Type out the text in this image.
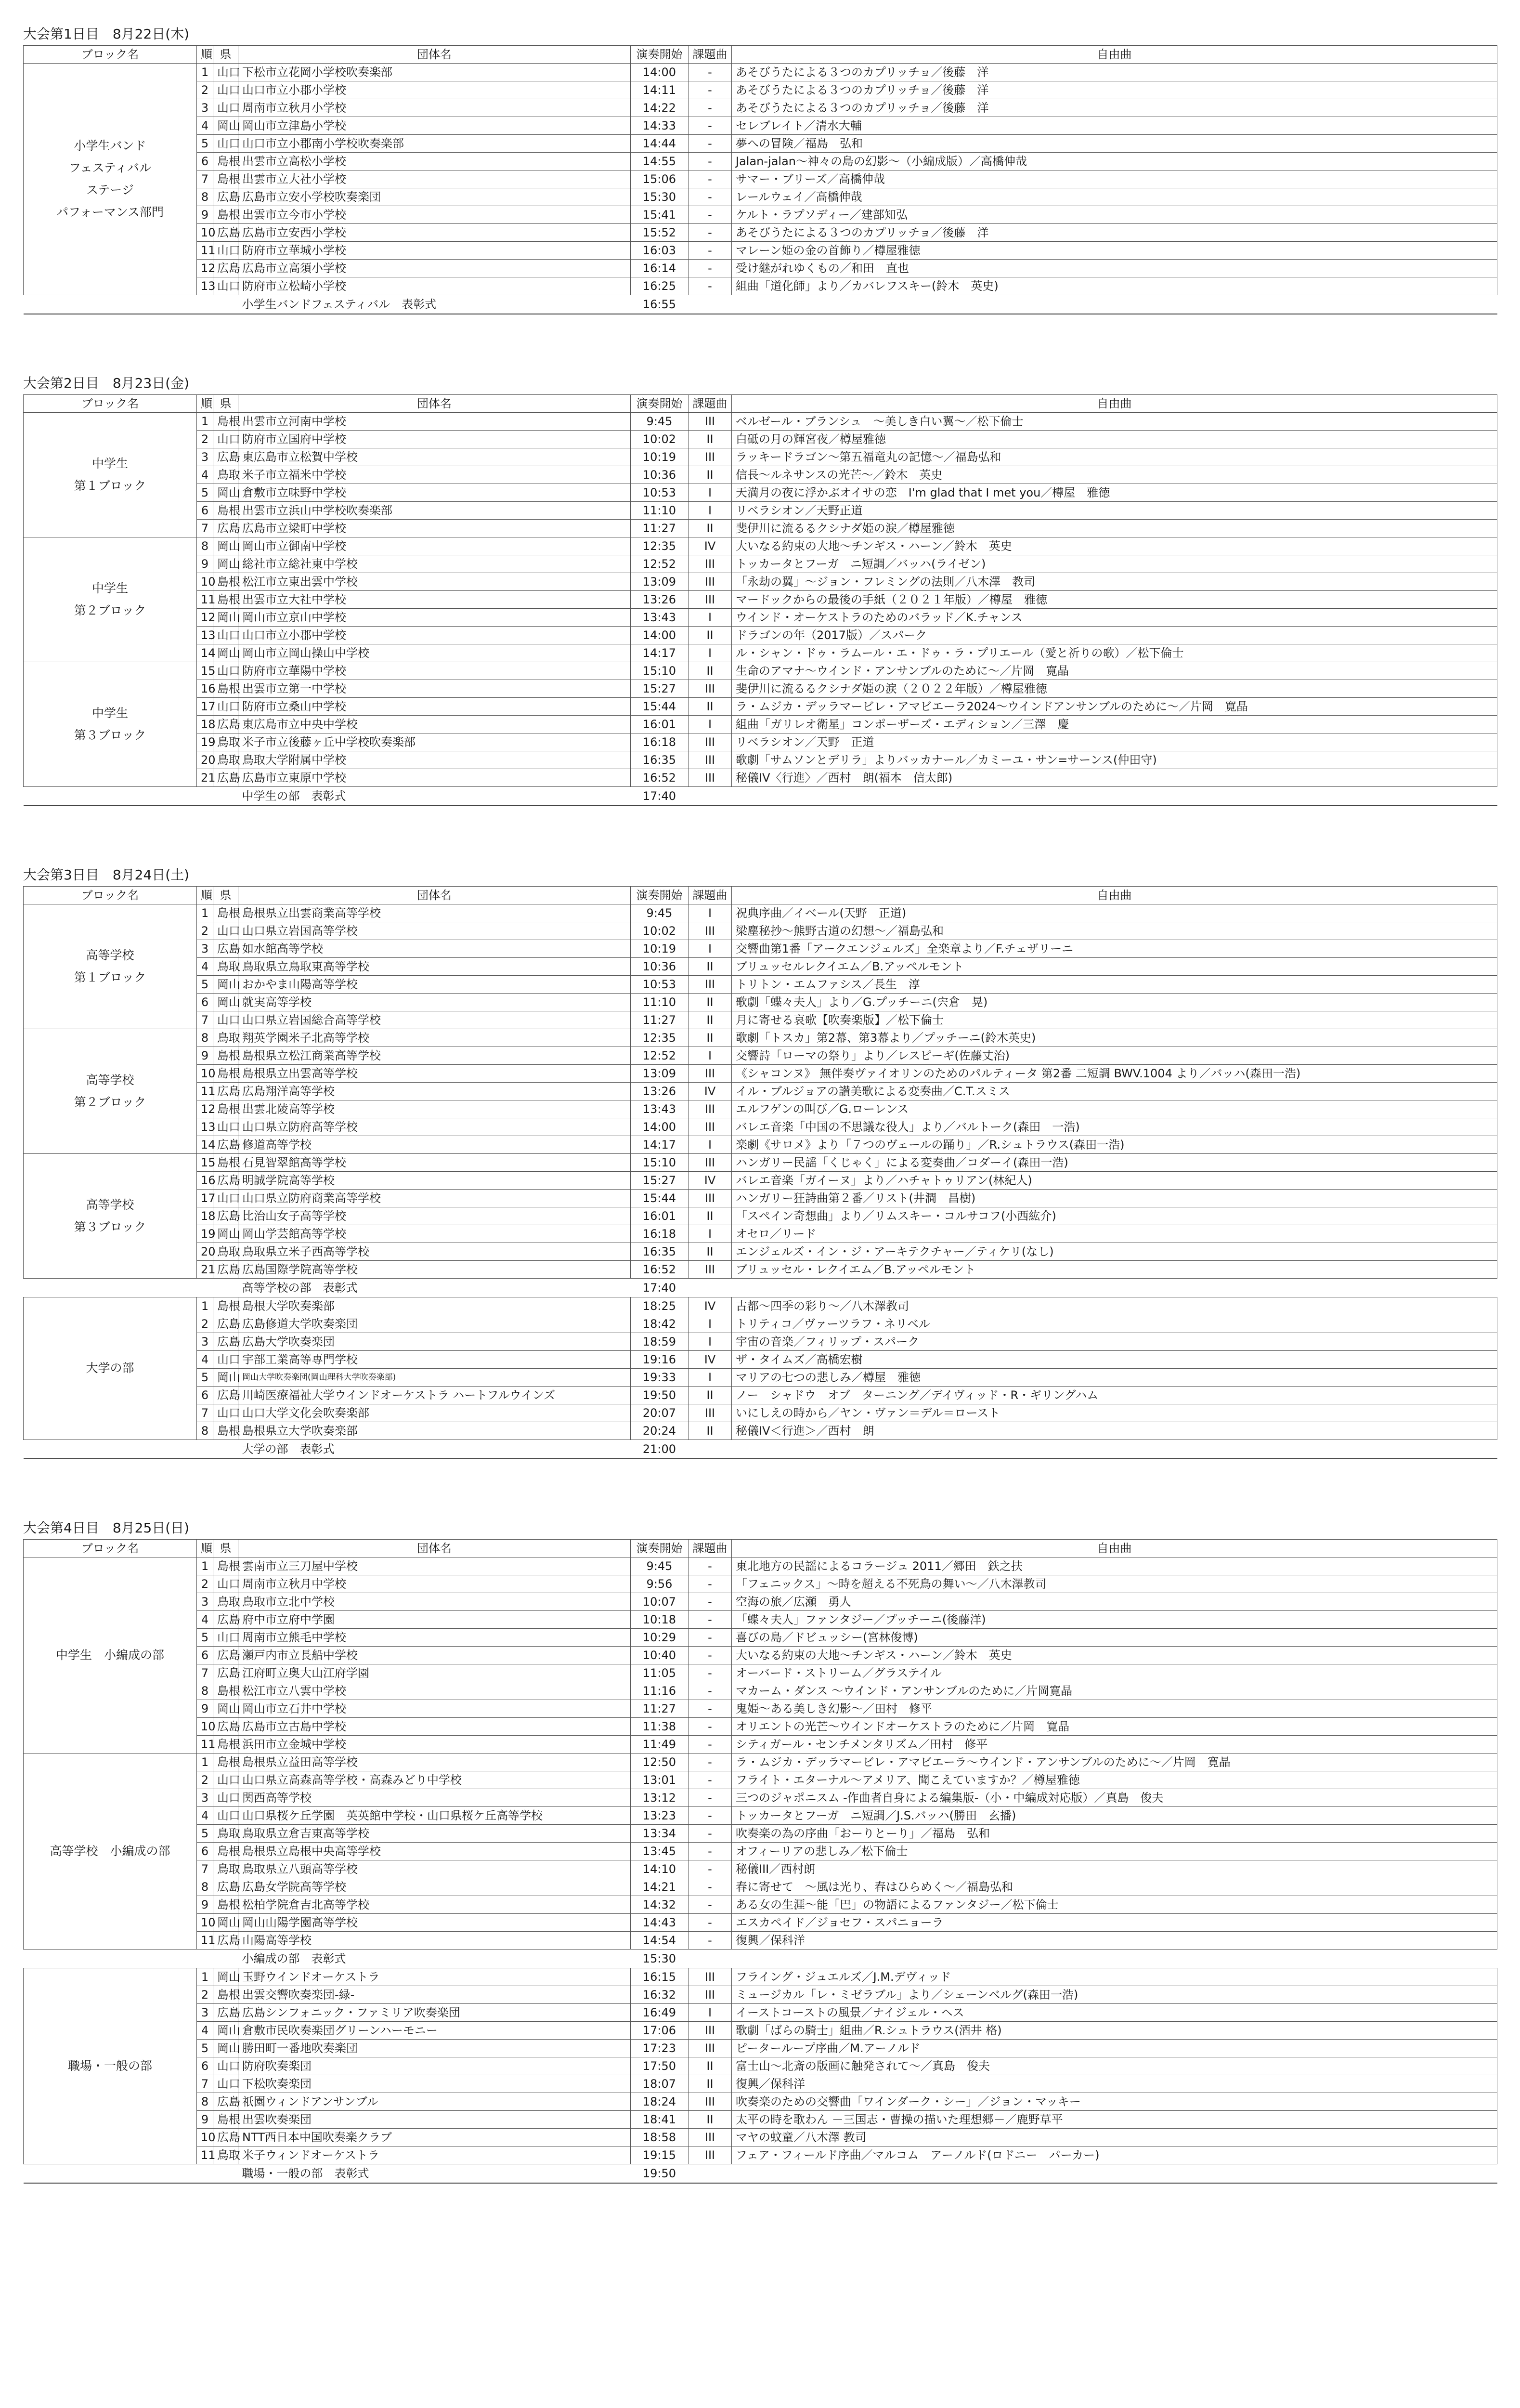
大会第1日目　8月22日(木)
ブロック名	順	県	団体名	演奏開始	課題曲	自由曲
小学生バンド
フェスティバル
ステージ
パフォーマンス部門	1	山口	下松市立花岡小学校吹奏楽部	14:00	-	あそびうたによる３つのカプリッチョ／後藤　洋
	2	山口	山口市立小郡小学校	14:11	-	あそびうたによる３つのカプリッチョ／後藤　洋
	3	山口	周南市立秋月小学校	14:22	-	あそびうたによる３つのカプリッチョ／後藤　洋
	4	岡山	岡山市立津島小学校	14:33	-	セレブレイト／清水大輔
	5	山口	山口市立小郡南小学校吹奏楽部	14:44	-	夢への冒険／福島　弘和
	6	島根	出雲市立高松小学校	14:55	-	Jalan-jalan～神々の島の幻影～（小編成版）／高橋伸哉
	7	島根	出雲市立大社小学校	15:06	-	サマー・ブリーズ／高橋伸哉
	8	広島	広島市立安小学校吹奏楽団	15:30	-	レールウェイ／高橋伸哉
	9	島根	出雲市立今市小学校	15:41	-	ケルト・ラプソディー／建部知弘
	10	広島	広島市立安西小学校	15:52	-	あそびうたによる３つのカプリッチョ／後藤　洋
	11	山口	防府市立華城小学校	16:03	-	マレーン姫の金の首飾り／樽屋雅徳
	12	広島	広島市立高須小学校	16:14	-	受け継がれゆくもの／和田　直也
	13	山口	防府市立松崎小学校	16:25	-	組曲「道化師」より／カバレフスキー(鈴木　英史)
			小学生バンドフェスティバル　表彰式	16:55		
大会第2日目　8月23日(金)
ブロック名	順	県	団体名	演奏開始	課題曲	自由曲
中学生
第１ブロック	1	島根	出雲市立河南中学校	9:45	III	ベルゼール・ブランシュ　～美しき白い翼～／松下倫士
	2	山口	防府市立国府中学校	10:02	II	白砥の月の輝宮夜／樽屋雅徳
	3	広島	東広島市立松賀中学校	10:19	III	ラッキードラゴン～第五福竜丸の記憶～／福島弘和
	4	鳥取	米子市立福米中学校	10:36	II	信長～ルネサンスの光芒～／鈴木　英史
	5	岡山	倉敷市立味野中学校	10:53	I	天満月の夜に浮かぶオイサの恋　I'm glad that I met you／樽屋　雅徳
	6	島根	出雲市立浜山中学校吹奏楽部	11:10	I	リベラシオン／天野正道
	7	広島	広島市立梁町中学校	11:27	II	斐伊川に流るるクシナダ姫の涙／樽屋雅徳
中学生
第２ブロック	8	岡山	岡山市立御南中学校	12:35	IV	大いなる約束の大地～チンギス・ハーン／鈴木　英史
	9	岡山	総社市立総社東中学校	12:52	III	トッカータとフーガ　ニ短調／バッハ(ライゼン)
	10	島根	松江市立東出雲中学校	13:09	III	「永劫の翼」～ジョン・フレミングの法則／八木澤　教司
	11	島根	出雲市立大社中学校	13:26	III	マードックからの最後の手紙（２０２１年版）／樽屋　雅徳
	12	岡山	岡山市立京山中学校	13:43	I	ウインド・オーケストラのためのバラッド／K.チャンス
	13	山口	山口市立小郡中学校	14:00	II	ドラゴンの年（2017版）／スパーク
	14	岡山	岡山市立岡山操山中学校	14:17	I	ル・シャン・ドゥ・ラムール・エ・ドゥ・ラ・プリエール（愛と祈りの歌）／松下倫士
中学生
第３ブロック	15	山口	防府市立華陽中学校	15:10	II	生命のアマナ～ウインド・アンサンブルのために～／片岡　寛晶
	16	島根	出雲市立第一中学校	15:27	III	斐伊川に流るるクシナダ姫の涙（２０２２年版）／樽屋雅徳
	17	山口	防府市立桑山中学校	15:44	II	ラ・ムジカ・デッラマービレ・アマビエーラ2024～ウインドアンサンブルのために～／片岡　寛晶
	18	広島	東広島市立中央中学校	16:01	I	組曲「ガリレオ衛星」コンポーザーズ・エディション／三澤　慶
	19	鳥取	米子市立後藤ヶ丘中学校吹奏楽部	16:18	III	リベラシオン／天野　正道
	20	鳥取	鳥取大学附属中学校	16:35	III	歌劇「サムソンとデリラ」よりバッカナール／カミーユ・サン=サーンス(仲田守)
	21	広島	広島市立東原中学校	16:52	III	秘儀IV〈行進〉／西村　朗(福本　信太郎)
			中学生の部　表彰式	17:40		
大会第3日目　8月24日(土)
ブロック名	順	県	団体名	演奏開始	課題曲	自由曲
高等学校
第１ブロック	1	島根	島根県立出雲商業高等学校	9:45	I	祝典序曲／イベール(天野　正道)
	2	山口	山口県立岩国高等学校	10:02	III	梁塵秘抄～熊野古道の幻想～／福島弘和
	3	広島	如水館高等学校	10:19	I	交響曲第1番「アークエンジェルズ」全楽章より／F.チェザリーニ
	4	鳥取	鳥取県立鳥取東高等学校	10:36	II	ブリュッセルレクイエム／B.アッペルモント
	5	岡山	おかやま山陽高等学校	10:53	III	トリトン・エムファシス／長生　淳
	6	岡山	就実高等学校	11:10	II	歌劇「蝶々夫人」より／G.プッチーニ(宍倉　晃)
	7	山口	山口県立岩国総合高等学校	11:27	II	月に寄せる哀歌【吹奏楽版】／松下倫士
高等学校
第２ブロック	8	鳥取	翔英学園米子北高等学校	12:35	II	歌劇「トスカ」第2幕、第3幕より／プッチーニ(鈴木英史)
	9	島根	島根県立松江商業高等学校	12:52	I	交響詩「ローマの祭り」より／レスピーギ(佐藤丈治)
	10	島根	島根県立出雲高等学校	13:09	III	《シャコンヌ》 無伴奏ヴァイオリンのためのパルティータ 第2番 二短調 BWV.1004 より／バッハ(森田一浩)
	11	広島	広島翔洋高等学校	13:26	IV	イル・ブルジョアの讃美歌による変奏曲／C.T.スミス
	12	島根	出雲北陵高等学校	13:43	III	エルフゲンの叫び／G.ローレンス
	13	山口	山口県立防府高等学校	14:00	III	バレエ音楽「中国の不思議な役人」より／バルトーク(森田　一浩)
	14	広島	修道高等学校	14:17	I	楽劇《サロメ》より「７つのヴェールの踊り」／R.シュトラウス(森田一浩)
高等学校
第３ブロック	15	島根	石見智翠館高等学校	15:10	III	ハンガリー民謡「くじゃく」による変奏曲／コダーイ(森田一浩)
	16	広島	明誠学院高等学校	15:27	IV	バレエ音楽「ガイーヌ」より／ハチャトゥリアン(林紀人)
	17	山口	山口県立防府商業高等学校	15:44	III	ハンガリー狂詩曲第２番／リスト(井澗　昌樹)
	18	広島	比治山女子高等学校	16:01	II	「スペイン奇想曲」より／リムスキー・コルサコフ(小西紘介)
	19	岡山	岡山学芸館高等学校	16:18	I	オセロ／リード
	20	鳥取	鳥取県立米子西高等学校	16:35	II	エンジェルズ・イン・ジ・アーキテクチャー／ティケリ(なし)
	21	広島	広島国際学院高等学校	16:52	III	ブリュッセル・レクイエム／B.アッペルモント
			高等学校の部　表彰式	17:40		
大学の部	1	島根	島根大学吹奏楽部	18:25	IV	古都～四季の彩り～／八木澤教司
	2	広島	広島修道大学吹奏楽団	18:42	I	トリティコ／ヴァーツラフ・ネリベル
	3	広島	広島大学吹奏楽団	18:59	I	宇宙の音楽／フィリップ・スパーク
	4	山口	宇部工業高等専門学校	19:16	IV	ザ・タイムズ／高橋宏樹
	5	岡山	岡山大学吹奏楽団(岡山理科大学吹奏楽部)	19:33	I	マリアの七つの悲しみ／樽屋　雅徳
	6	広島	川崎医療福祉大学ウインドオーケストラ ハートフルウインズ	19:50	II	ノー　シャドウ　オブ　ターニング／デイヴィッド・R・ギリングハム
	7	山口	山口大学文化会吹奏楽部	20:07	III	いにしえの時から／ヤン・ヴァン＝デル＝ロースト
	8	島根	島根県立大学吹奏楽部	20:24	II	秘儀IV＜行進＞／西村　朗
			大学の部　表彰式	21:00		
大会第4日目　8月25日(日)
ブロック名	順	県	団体名	演奏開始	課題曲	自由曲
中学生　小編成の部	1	島根	雲南市立三刀屋中学校	9:45	-	東北地方の民謡によるコラージュ 2011／郷田　鉄之扶
	2	山口	周南市立秋月中学校	9:56	-	「フェニックス」～時を超える不死鳥の舞い～／八木澤教司
	3	鳥取	鳥取市立北中学校	10:07	-	空海の旅／広瀬　勇人
	4	広島	府中市立府中学園	10:18	-	「蝶々夫人」ファンタジー／プッチーニ(後藤洋)
	5	山口	周南市立熊毛中学校	10:29	-	喜びの島／ドビュッシー(宮林俊博)
	6	広島	瀬戸内市立長船中学校	10:40	-	大いなる約束の大地～チンギス・ハーン／鈴木　英史
	7	広島	江府町立奥大山江府学園	11:05	-	オーバード・ストリーム／グラステイル
	8	島根	松江市立八雲中学校	11:16	-	マカーム・ダンス ～ウインド・アンサンブルのために／片岡寛晶
	9	岡山	岡山市立石井中学校	11:27	-	鬼姫～ある美しき幻影～／田村　修平
	10	広島	広島市立古島中学校	11:38	-	オリエントの光芒～ウインドオーケストラのために／片岡　寛晶
	11	島根	浜田市立金城中学校	11:49	-	シティガール・センチメンタリズム／田村　修平
高等学校　小編成の部	1	島根	島根県立益田高等学校	12:50	-	ラ・ムジカ・デッラマービレ・アマビエーラ～ウインド・アンサンブルのために～／片岡　寛晶
	2	山口	山口県立高森高等学校・高森みどり中学校	13:01	-	フライト・エターナル～アメリア、聞こえていますか？／樽屋雅徳
	3	山口	関西高等学校	13:12	-	三つのジャポニスム -作曲者自身による編集版-（小・中編成対応版）／真島　俊夫
	4	山口	山口県桜ケ丘学園　英英館中学校・山口県桜ケ丘高等学校	13:23	-	トッカータとフーガ　ニ短調／J.S.バッハ(勝田　玄播)
	5	鳥取	鳥取県立倉吉東高等学校	13:34	-	吹奏楽の為の序曲「おーりとーり」／福島　弘和
	6	島根	島根県立島根中央高等学校	13:45	-	オフィーリアの悲しみ／松下倫士
	7	鳥取	鳥取県立八頭高等学校	14:10	-	秘儀III／西村朗
	8	広島	広島女学院高等学校	14:21	-	春に寄せて　～風は光り、春はひらめく～／福島弘和
	9	島根	松柏学院倉吉北高等学校	14:32	-	ある女の生涯～能「巴」の物語によるファンタジー／松下倫士
	10	岡山	岡山山陽学園高等学校	14:43	-	エスカペイド／ジョセフ・スパニョーラ
	11	広島	山陽高等学校	14:54	-	復興／保科洋
			小編成の部　表彰式	15:30		
職場・一般の部	1	岡山	玉野ウインドオーケストラ	16:15	III	フライング・ジュエルズ／J.M.デヴィッド
	2	島根	出雲交響吹奏楽団-緑-	16:32	III	ミュージカル「レ・ミゼラブル」より／シェーンベルグ(森田一浩)
	3	広島	広島シンフォニック・ファミリア吹奏楽団	16:49	I	イーストコーストの風景／ナイジェル・ヘス
	4	岡山	倉敷市民吹奏楽団グリーンハーモニー	17:06	III	歌劇「ばらの騎士」組曲／R.シュトラウス(酒井 格)
	5	岡山	勝田町一番地吹奏楽団	17:23	III	ピーターループ序曲／M.アーノルド
	6	山口	防府吹奏楽団	17:50	II	富士山～北斎の版画に触発されて～／真島　俊夫
	7	山口	下松吹奏楽団	18:07	II	復興／保科洋
	8	広島	祇園ウィンドアンサンブル	18:24	III	吹奏楽のための交響曲「ワインダーク・シー」／ジョン・マッキー
	9	島根	出雲吹奏楽団	18:41	II	太平の時を歌わん －三国志・曹操の描いた理想郷－／鹿野草平
	10	広島	NTT西日本中国吹奏楽クラブ	18:58	III	マヤの蚊童／八木澤 教司
	11	鳥取	米子ウィンドオーケストラ	19:15	III	フェア・フィールド序曲／マルコム　アーノルド(ロドニー　パーカー)
			職場・一般の部　表彰式	19:50		
